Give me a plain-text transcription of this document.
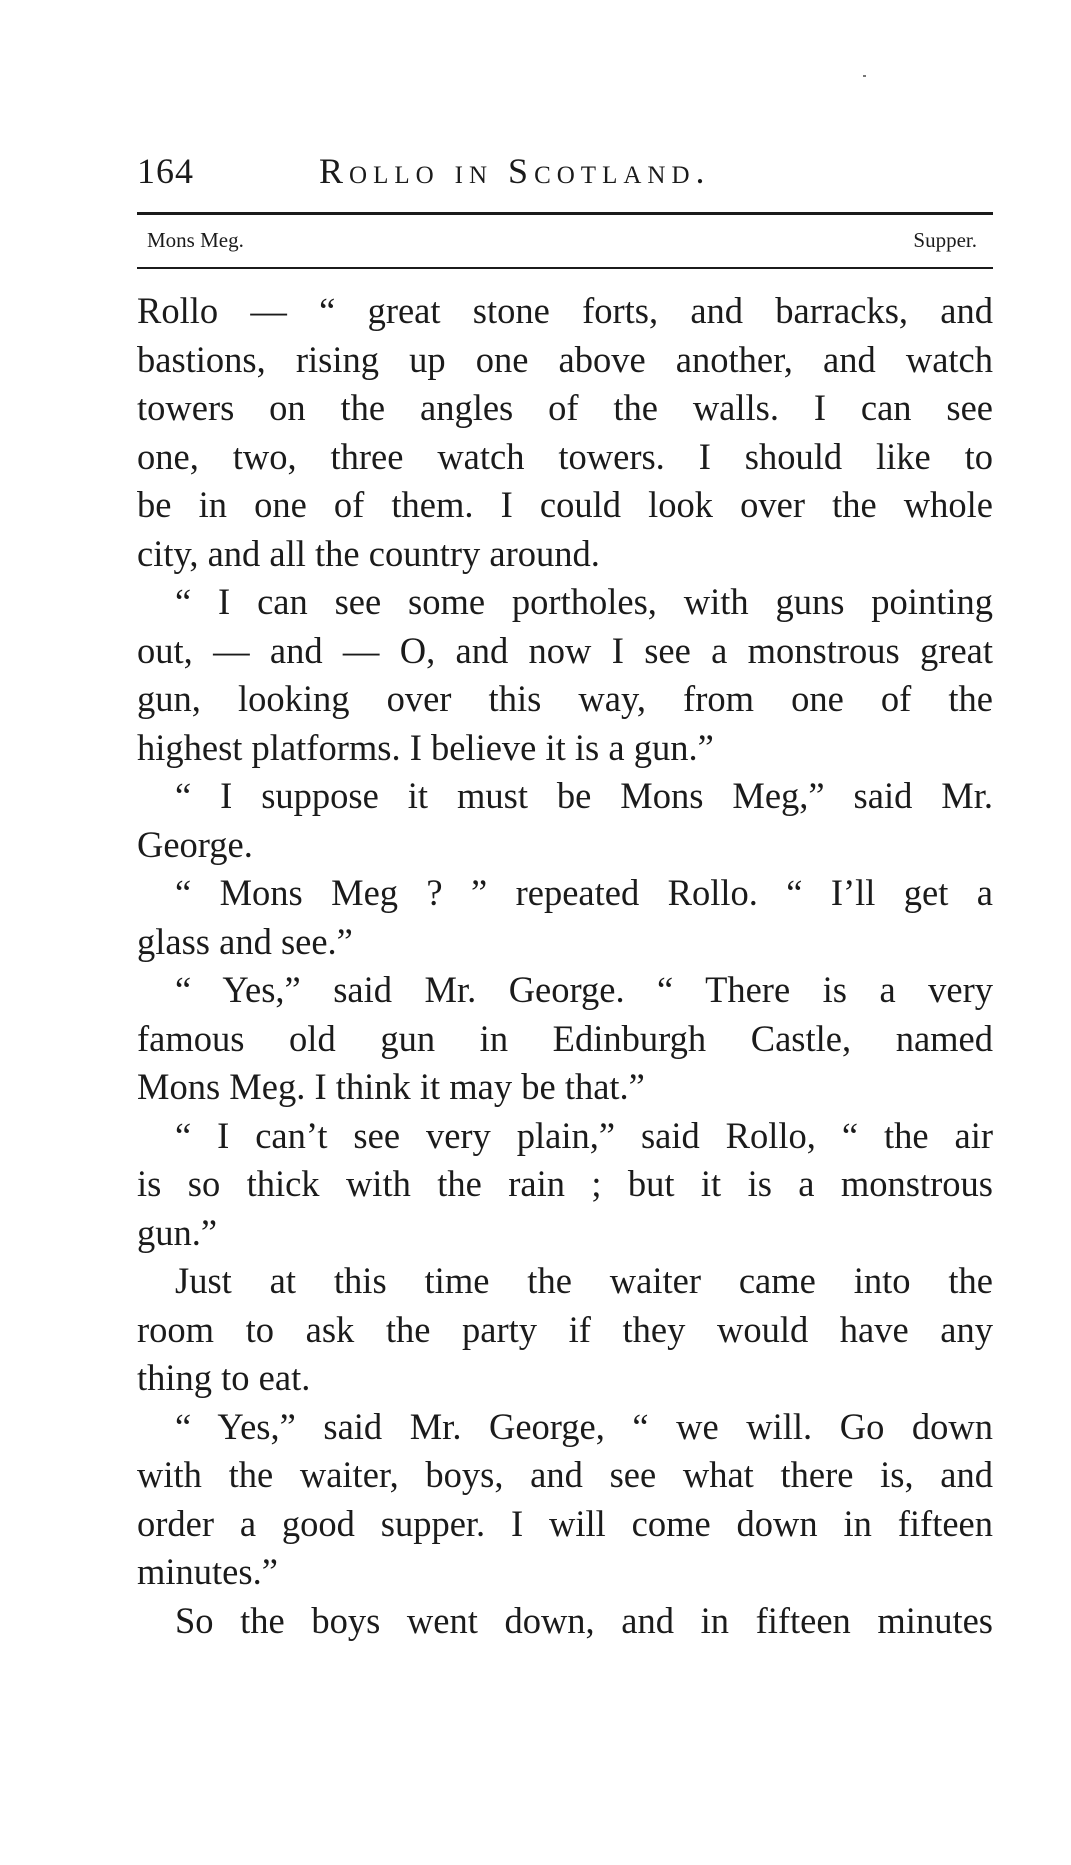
164	Rollo in Scotland.
Mons Meg.	Supper.
Rollo — “ great stone forts, and barracks, and
bastions, rising up one above another, and watch
towers on the angles of the walls. I can see
one, two, three watch towers. I should like to
be in one of them. I could look over the whole
city, and all the country around.
“ I can see some portholes, with guns pointing
out, — and — O, and now I see a monstrous great
gun, looking over this way, from one of the
highest platforms. I believe it is a gun.”
“ I suppose it must be Mons Meg,” said Mr.
George.
“ Mons Meg ? ” repeated Rollo. “ I’ll get a
glass and see.”
“ Yes,” said Mr. George. “ There is a very
famous old gun in Edinburgh Castle, named
Mons Meg. I think it may be that.”
“ I can’t see very plain,” said Rollo, “ the air
is so thick with the rain ; but it is a monstrous
gun.”
Just at this time the waiter came into the
room to ask the party if they would have any
thing to eat.
“ Yes,” said Mr. George, “ we will. Go down
with the waiter, boys, and see what there is, and
order a good supper. I will come down in fifteen
minutes.”
So the boys went down, and in fifteen minutes
